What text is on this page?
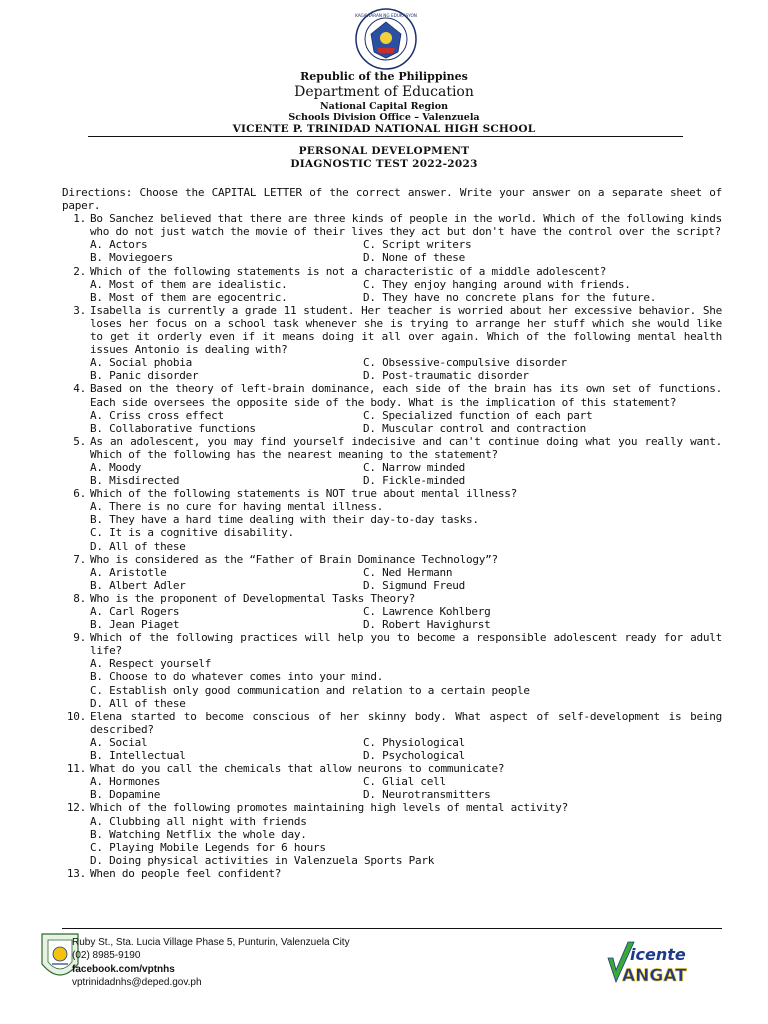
KAGAWARAN NG EDUKASYON
Republic of the Philippines
Department of Education
National Capital Region
Schools Division Office – Valenzuela
VICENTE P. TRINIDAD NATIONAL HIGH SCHOOL
PERSONAL DEVELOPMENT
DIAGNOSTIC TEST 2022-2023

Directions: Choose the CAPITAL LETTER of the correct answer. Write your answer on a separate sheet of paper.

1. Bo Sanchez believed that there are three kinds of people in the world. Which of the following kinds who do not just watch the movie of their lives they act but don't have the control over the script?
A. Actors	C. Script writers
B. Moviegoers	D. None of these
2. Which of the following statements is not a characteristic of a middle adolescent?
A. Most of them are idealistic.	C. They enjoy hanging around with friends.
B. Most of them are egocentric.	D. They have no concrete plans for the future.
3. Isabella is currently a grade 11 student. Her teacher is worried about her excessive behavior. She loses her focus on a school task whenever she is trying to arrange her stuff which she would like to get it orderly even if it means doing it all over again. Which of the following mental health issues Antonio is dealing with?
A. Social phobia	C. Obsessive-compulsive disorder
B. Panic disorder	D. Post-traumatic disorder
4. Based on the theory of left-brain dominance, each side of the brain has its own set of functions. Each side oversees the opposite side of the body. What is the implication of this statement?
A. Criss cross effect	C. Specialized function of each part
B. Collaborative functions	D. Muscular control and contraction
5. As an adolescent, you may find yourself indecisive and can't continue doing what you really want. Which of the following has the nearest meaning to the statement?
A. Moody	C. Narrow minded
B. Misdirected	D. Fickle-minded
6. Which of the following statements is NOT true about mental illness?
A. There is no cure for having mental illness.
B. They have a hard time dealing with their day-to-day tasks.
C. It is a cognitive disability.
D. All of these
7. Who is considered as the “Father of Brain Dominance Technology”?
A. Aristotle	C. Ned Hermann
B. Albert Adler	D. Sigmund Freud
8. Who is the proponent of Developmental Tasks Theory?
A. Carl Rogers	C. Lawrence Kohlberg
B. Jean Piaget	D. Robert Havighurst
9. Which of the following practices will help you to become a responsible adolescent ready for adult life?
A. Respect yourself
B. Choose to do whatever comes into your mind.
C. Establish only good communication and relation to a certain people
D. All of these
10. Elena started to become conscious of her skinny body. What aspect of self-development is being described?
A. Social	C. Physiological
B. Intellectual	D. Psychological
11. What do you call the chemicals that allow neurons to communicate?
A. Hormones	C. Glial cell
B. Dopamine	D. Neurotransmitters
12. Which of the following promotes maintaining high levels of mental activity?
A. Clubbing all night with friends
B. Watching Netflix the whole day.
C. Playing Mobile Legends for 6 hours
D. Doing physical activities in Valenzuela Sports Park
13. When do people feel confident?
Ruby St., Sta. Lucia Village Phase 5, Punturin, Valenzuela City
(02) 8985-9190
facebook.com/vptnhs
vptrinidadnhs@deped.gov.ph
icente
ANGAT
